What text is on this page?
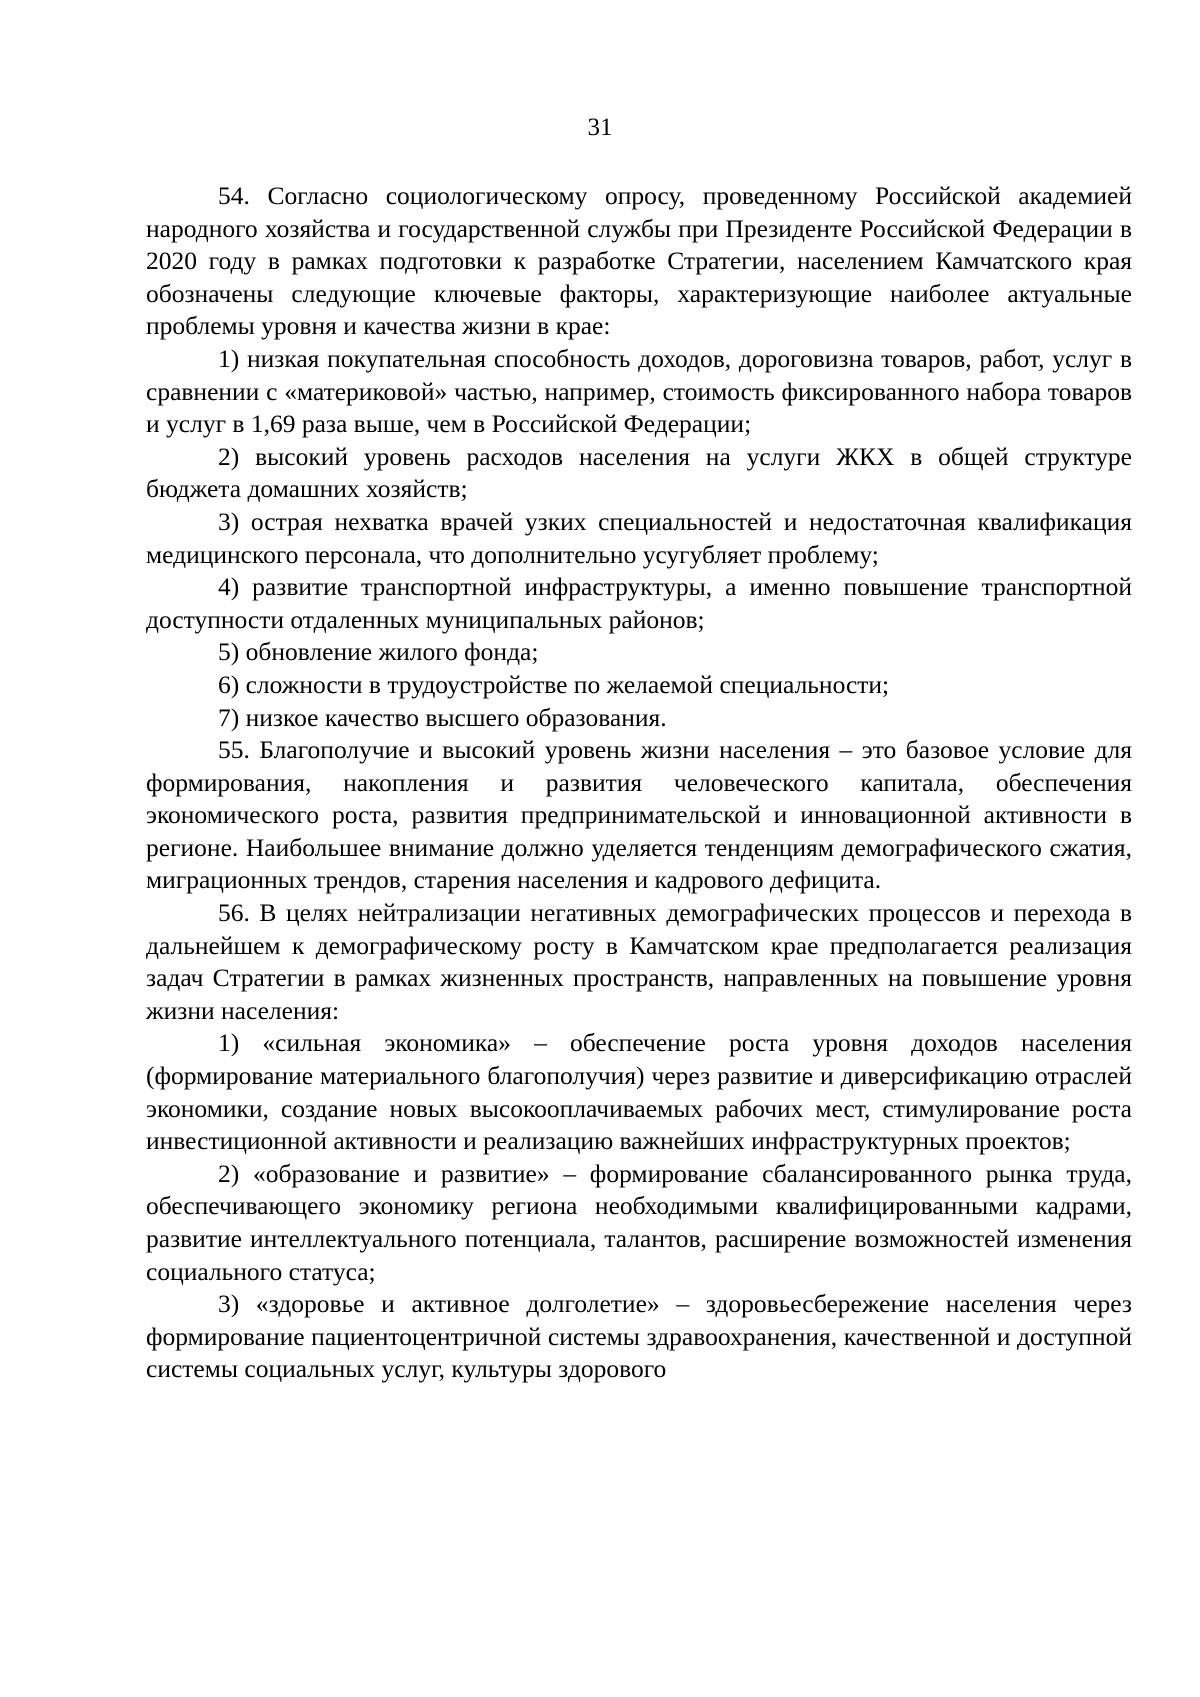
31

54. Согласно социологическому опросу, проведенному Российской академией народного хозяйства и государственной службы при Президенте Российской Федерации в 2020 году в рамках подготовки к разработке Стратегии, населением Камчатского края обозначены следующие ключевые факторы, характеризующие наиболее актуальные проблемы уровня и качества жизни в крае:

1) низкая покупательная способность доходов, дороговизна товаров, работ, услуг в сравнении с «материковой» частью, например, стоимость фиксированного набора товаров и услуг в 1,69 раза выше, чем в Российской Федерации;

2) высокий уровень расходов населения на услуги ЖКХ в общей структуре бюджета домашних хозяйств;

3) острая нехватка врачей узких специальностей и недостаточная квалификация медицинского персонала, что дополнительно усугубляет проблему;

4) развитие транспортной инфраструктуры, а именно повышение транспортной доступности отдаленных муниципальных районов;

5) обновление жилого фонда;

6) сложности в трудоустройстве по желаемой специальности;

7) низкое качество высшего образования.

55. Благополучие и высокий уровень жизни населения – это базовое условие для формирования, накопления и развития человеческого капитала, обеспечения экономического роста, развития предпринимательской и инновационной активности в регионе. Наибольшее внимание должно уделяется тенденциям демографического сжатия, миграционных трендов, старения населения и кадрового дефицита.

56. В целях нейтрализации негативных демографических процессов и перехода в дальнейшем к демографическому росту в Камчатском крае предполагается реализация задач Стратегии в рамках жизненных пространств, направленных на повышение уровня жизни населения:

1) «сильная экономика» – обеспечение роста уровня доходов населения (формирование материального благополучия) через развитие и диверсификацию отраслей экономики, создание новых высокооплачиваемых рабочих мест, стимулирование роста инвестиционной активности и реализацию важнейших инфраструктурных проектов;

2) «образование и развитие» – формирование сбалансированного рынка труда, обеспечивающего экономику региона необходимыми квалифицированными кадрами, развитие интеллектуального потенциала, талантов, расширение возможностей изменения социального статуса;

3) «здоровье и активное долголетие» – здоровьесбережение населения через формирование пациентоцентричной системы здравоохранения, качественной и доступной системы социальных услуг, культуры здорового
